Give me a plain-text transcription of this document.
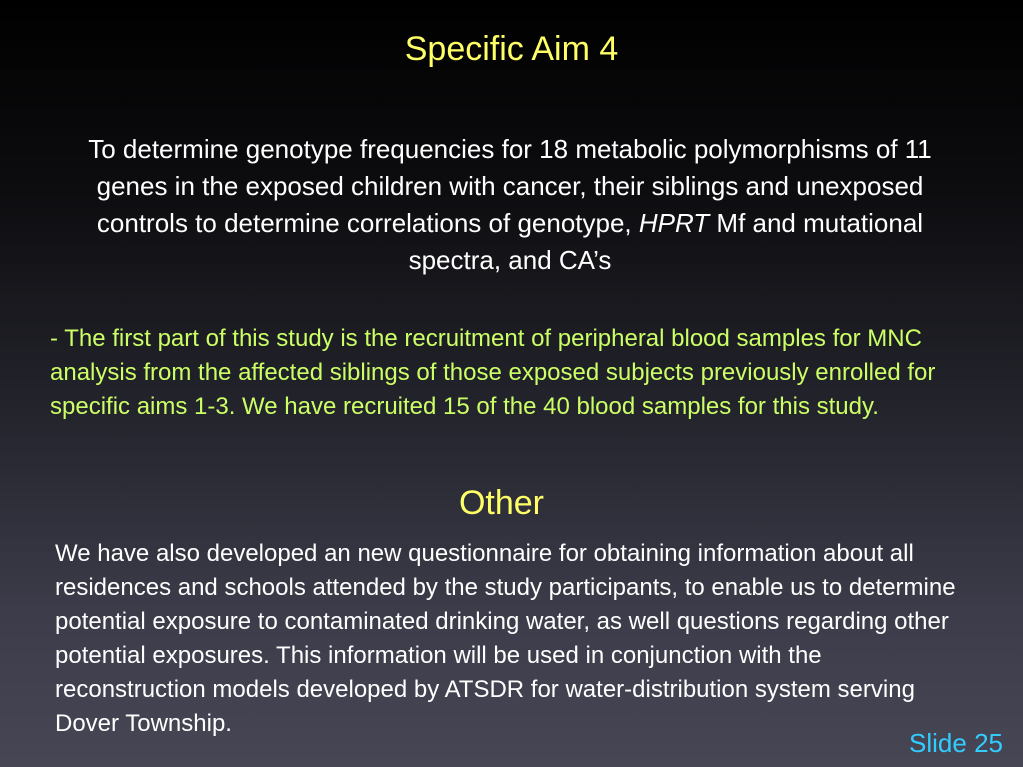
Specific Aim 4
To determine genotype frequencies for 18 metabolic polymorphisms of 11 genes in the exposed children with cancer, their siblings and unexposed controls to determine correlations of genotype, HPRT Mf and mutational spectra, and CA’s
- The first part of this study is the recruitment of peripheral blood samples for MNC analysis from the affected siblings of those exposed subjects previously enrolled for specific aims 1-3. We have recruited 15 of the 40 blood samples for this study.
Other
We have also developed an new questionnaire for obtaining information about all residences and schools attended by the study participants, to enable us to determine potential exposure to contaminated drinking water, as well questions regarding other potential exposures. This information will be used in conjunction with the reconstruction models developed by ATSDR for water-distribution system serving Dover Township.
Slide 25
